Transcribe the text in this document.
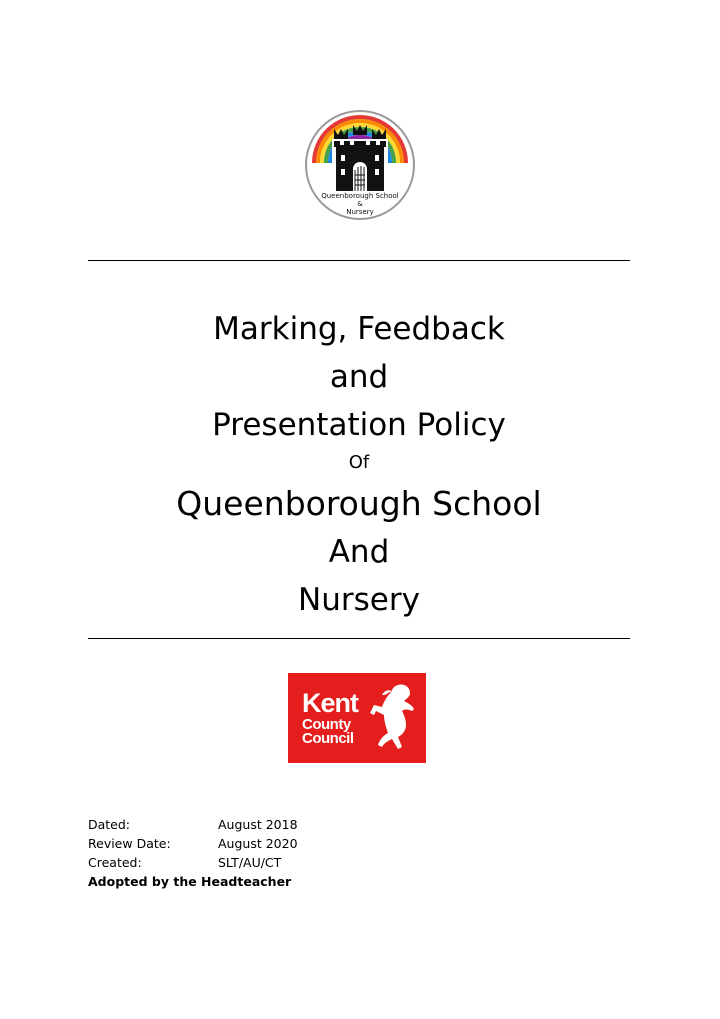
Queenborough School
&
Nursery
Marking, Feedback
and
Presentation Policy
Of
Queenborough School
And
Nursery
Kent
County
Council
Dated:	August 2018
Review Date:	August 2020
Created:	SLT/AU/CT
Adopted by the Headteacher
